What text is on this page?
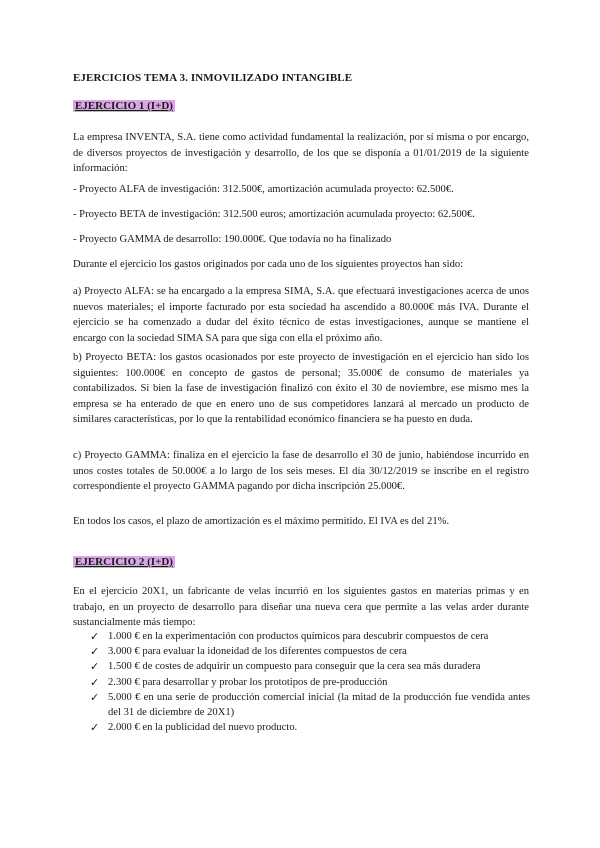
EJERCICIOS TEMA 3. INMOVILIZADO INTANGIBLE
EJERCICIO 1 (I+D)
La empresa INVENTA, S.A. tiene como actividad fundamental la realización, por sí misma o por encargo, de diversos proyectos de investigación y desarrollo, de los que se disponía a 01/01/2019 de la siguiente información:
- Proyecto ALFA de investigación: 312.500€, amortización acumulada proyecto: 62.500€.
- Proyecto BETA de investigación: 312.500 euros; amortización acumulada proyecto: 62.500€.
- Proyecto GAMMA de desarrollo: 190.000€. Que todavía no ha finalizado
Durante el ejercicio los gastos originados por cada uno de los siguientes proyectos han sido:
a) Proyecto ALFA: se ha encargado a la empresa SIMA, S.A. que efectuará investigaciones acerca de unos nuevos materiales; el importe facturado por esta sociedad ha ascendido a 80.000€ más IVA. Durante el ejercicio se ha comenzado a dudar del éxito técnico de estas investigaciones, aunque se mantiene el encargo con la sociedad SIMA SA para que siga con ella el próximo año.
b) Proyecto BETA: los gastos ocasionados por este proyecto de investigación en el ejercicio han sido los siguientes: 100.000€ en concepto de gastos de personal; 35.000€ de consumo de materiales ya contabilizados. Si bien la fase de investigación finalizó con éxito el 30 de noviembre, ese mismo mes la empresa se ha enterado de que en enero uno de sus competidores lanzará al mercado un producto de similares características, por lo que la rentabilidad económico financiera se ha puesto en duda.
c) Proyecto GAMMA: finaliza en el ejercicio la fase de desarrollo el 30 de junio, habiéndose incurrido en unos costes totales de 50.000€ a lo largo de los seis meses. El día 30/12/2019 se inscribe en el registro correspondiente el proyecto GAMMA pagando por dicha inscripción 25.000€.
En todos los casos, el plazo de amortización es el máximo permitido. El IVA es del 21%.
EJERCICIO 2 (I+D)
En el ejercicio 20X1, un fabricante de velas incurrió en los siguientes gastos en materias primas y en trabajo, en un proyecto de desarrollo para diseñar una nueva cera que permite a las velas arder durante sustancialmente más tiempo:
✓ 1.000 € en la experimentación con productos químicos para descubrir compuestos de cera
✓ 3.000 € para evaluar la idoneidad de los diferentes compuestos de cera
✓ 1.500 € de costes de adquirir un compuesto para conseguir que la cera sea más duradera
✓ 2.300 € para desarrollar y probar los prototipos de pre-producción
✓ 5.000 € en una serie de producción comercial inicial (la mitad de la producción fue vendida antes del 31 de diciembre de 20X1)
✓ 2.000 € en la publicidad del nuevo producto.
